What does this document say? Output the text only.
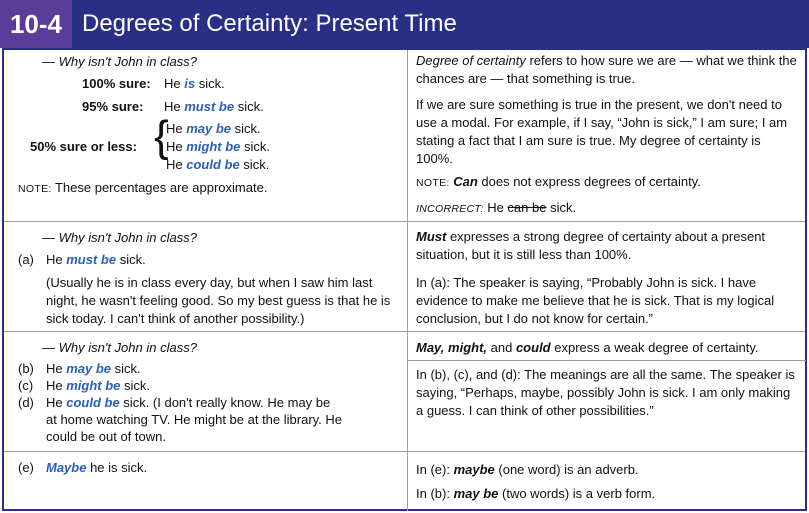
10-4 Degrees of Certainty: Present Time
— Why isn't John in class?
100% sure: He is sick.
95% sure: He must be sick.
50% sure or less: {
He may be sick.
He might be sick.
He could be sick.
NOTE: These percentages are approximate.
Degree of certainty refers to how sure we are — what we think the chances are — that something is true.
If we are sure something is true in the present, we don't need to use a modal. For example, if I say, “John is sick,” I am sure; I am stating a fact that I am sure is true. My degree of certainty is 100%.
NOTE: Can does not express degrees of certainty.
INCORRECT: He can be sick.
— Why isn't John in class?
(a) He must be sick.
(Usually he is in class every day, but when I saw him last night, he wasn't feeling good. So my best guess is that he is sick today. I can't think of another possibility.)
Must expresses a strong degree of certainty about a present situation, but it is still less than 100%.
In (a): The speaker is saying, “Probably John is sick. I have evidence to make me believe that he is sick. That is my logical conclusion, but I do not know for certain.”
— Why isn't John in class?
(b) He may be sick.
(c) He might be sick.
(d) He could be sick. (I don't really know. He may be
at home watching TV. He might be at the library. He
could be out of town.
May, might, and could express a weak degree of certainty.
In (b), (c), and (d): The meanings are all the same. The speaker is saying, “Perhaps, maybe, possibly John is sick. I am only making a guess. I can think of other possibilities.”
(e) Maybe he is sick.	In (e): maybe (one word) is an adverb.
In (b): may be (two words) is a verb form.
